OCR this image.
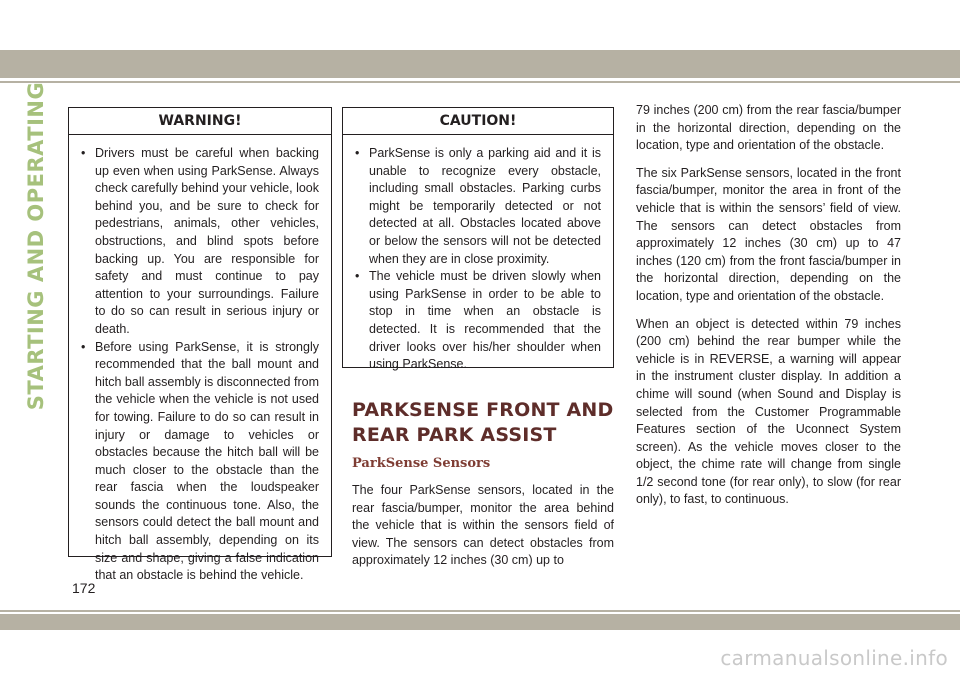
STARTING AND OPERATING	WARNING!
• Drivers must be careful when backing up even when using ParkSense. Always check carefully behind your vehicle, look behind you, and be sure to check for pedestrians, animals, other vehicles, obstructions, and blind spots before backing up. You are responsible for safety and must continue to pay attention to your surroundings. Failure to do so can result in serious injury or death.
• Before using ParkSense, it is strongly recommended that the ball mount and hitch ball assembly is disconnected from the vehicle when the vehicle is not used for towing. Failure to do so can result in injury or damage to vehicles or obstacles because the hitch ball will be much closer to the obstacle than the rear fascia when the loudspeaker sounds the continuous tone. Also, the sensors could detect the ball mount and hitch ball assembly, depending on its size and shape, giving a false indication that an obstacle is behind the vehicle.
CAUTION!
• ParkSense is only a parking aid and it is unable to recognize every obstacle, including small obstacles. Parking curbs might be temporarily detected or not detected at all. Obstacles located above or below the sensors will not be detected when they are in close proximity.
• The vehicle must be driven slowly when using ParkSense in order to be able to stop in time when an obstacle is detected. It is recommended that the driver looks over his/her shoulder when using ParkSense.
PARKSENSE FRONT AND REAR PARK ASSIST
ParkSense Sensors

The four ParkSense sensors, located in the rear fascia/bumper, monitor the area behind the vehicle that is within the sensors field of view. The sensors can detect obstacles from approximately 12 inches (30 cm) up to

79 inches (200 cm) from the rear fascia/bumper in the horizontal direction, depending on the location, type and orientation of the obstacle.

The six ParkSense sensors, located in the front fascia/bumper, monitor the area in front of the vehicle that is within the sensors’ field of view. The sensors can detect obstacles from approximately 12 inches (30 cm) up to 47 inches (120 cm) from the front fascia/bumper in the horizontal direction, depending on the location, type and orientation of the obstacle.

When an object is detected within 79 inches (200 cm) behind the rear bumper while the vehicle is in REVERSE, a warning will appear in the instrument cluster display. In addition a chime will sound (when Sound and Display is selected from the Customer Programmable Features section of the Uconnect System screen). As the vehicle moves closer to the object, the chime rate will change from single 1/2 second tone (for rear only), to slow (for rear only), to fast, to continuous.

172
carmanualsonline.info
